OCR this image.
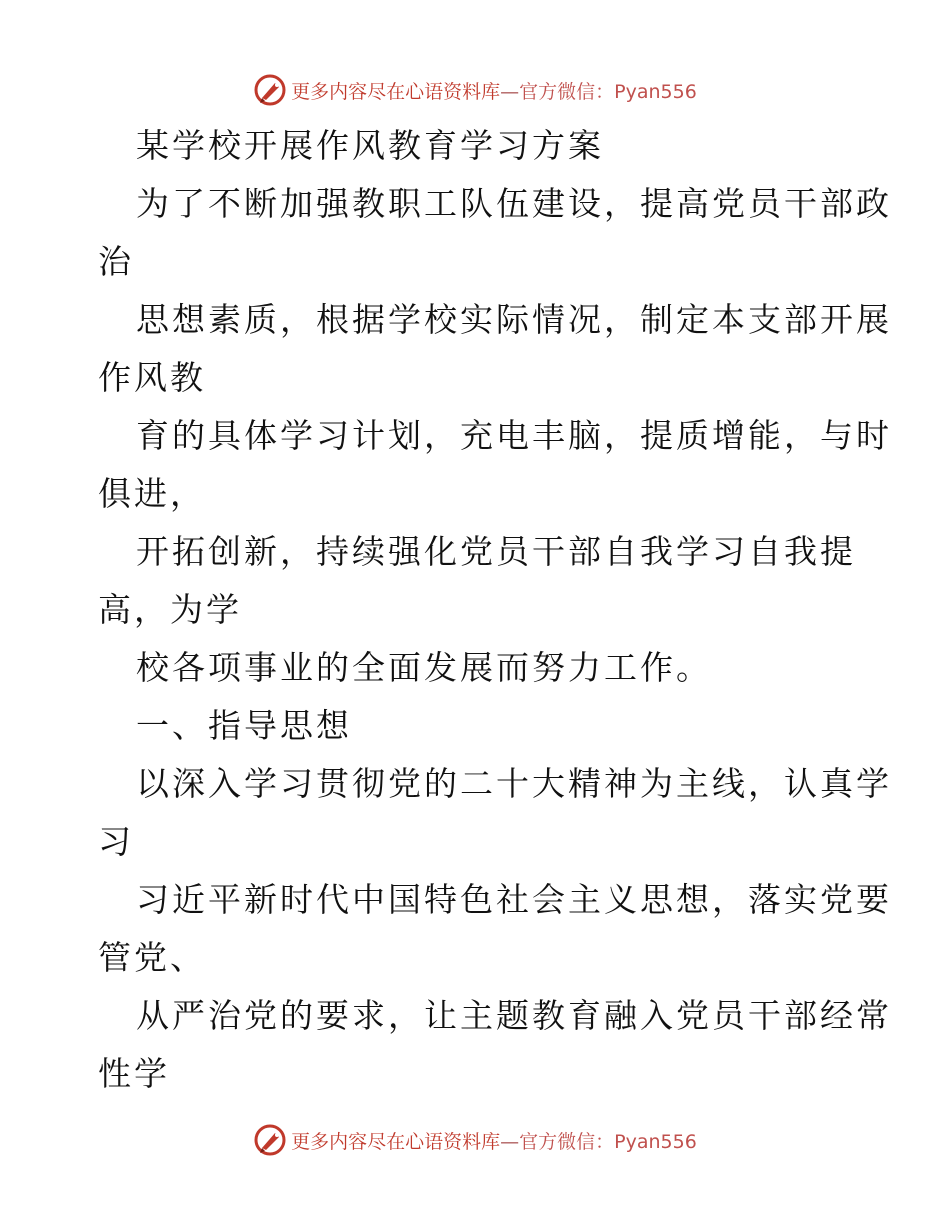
更多内容尽在心语资料库—官方微信：Pyan556
某学校开展作风教育学习方案
为了不断加强教职工队伍建设，提高党员干部政
治
思想素质，根据学校实际情况，制定本支部开展
作风教
育的具体学习计划，充电丰脑，提质增能，与时
俱进，
开拓创新，持续强化党员干部自我学习自我提
高，为学
校各项事业的全面发展而努力工作。
一、指导思想
以深入学习贯彻党的二十大精神为主线，认真学
习
习近平新时代中国特色社会主义思想，落实党要
管党、
从严治党的要求，让主题教育融入党员干部经常
性学
更多内容尽在心语资料库—官方微信：Pyan556
